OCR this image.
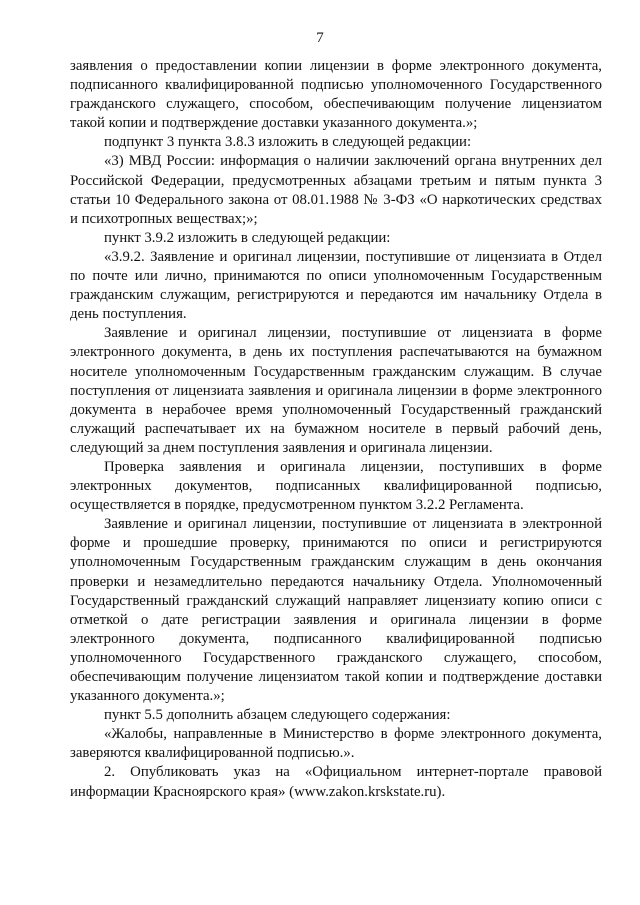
7

заявления о предоставлении копии лицензии в форме электронного документа, подписанного квалифицированной подписью уполномоченного Государственного гражданского служащего, способом, обеспечивающим получение лицензиатом такой копии и подтверждение доставки указанного документа.»;

подпункт 3 пункта 3.8.3 изложить в следующей редакции:

«3) МВД России: информация о наличии заключений органа внутренних дел Российской Федерации, предусмотренных абзацами третьим и пятым пункта 3 статьи 10 Федерального закона от 08.01.1988 № 3-ФЗ «О наркотических средствах и психотропных веществах;»;

пункт 3.9.2 изложить в следующей редакции:

«3.9.2. Заявление и оригинал лицензии, поступившие от лицензиата в Отдел по почте или лично, принимаются по описи уполномоченным Государственным гражданским служащим, регистрируются и передаются им начальнику Отдела в день поступления.

Заявление и оригинал лицензии, поступившие от лицензиата в форме электронного документа, в день их поступления распечатываются на бумажном носителе уполномоченным Государственным гражданским служащим. В случае поступления от лицензиата заявления и оригинала лицензии в форме электронного документа в нерабочее время уполномоченный Государственный гражданский служащий распечатывает их на бумажном носителе в первый рабочий день, следующий за днем поступления заявления и оригинала лицензии.

Проверка заявления и оригинала лицензии, поступивших в форме электронных документов, подписанных квалифицированной подписью, осуществляется в порядке, предусмотренном пунктом 3.2.2 Регламента.

Заявление и оригинал лицензии, поступившие от лицензиата в электронной форме и прошедшие проверку, принимаются по описи и регистрируются уполномоченным Государственным гражданским служащим в день окончания проверки и незамедлительно передаются начальнику Отдела. Уполномоченный Государственный гражданский служащий направляет лицензиату копию описи с отметкой о дате регистрации заявления и оригинала лицензии в форме электронного документа, подписанного квалифицированной подписью уполномоченного Государственного гражданского служащего, способом, обеспечивающим получение лицензиатом такой копии и подтверждение доставки указанного документа.»;

пункт 5.5 дополнить абзацем следующего содержания:

«Жалобы, направленные в Министерство в форме электронного документа, заверяются квалифицированной подписью.».

2. Опубликовать указ на «Официальном интернет-портале правовой информации Красноярского края» (www.zakon.krskstate.ru).
